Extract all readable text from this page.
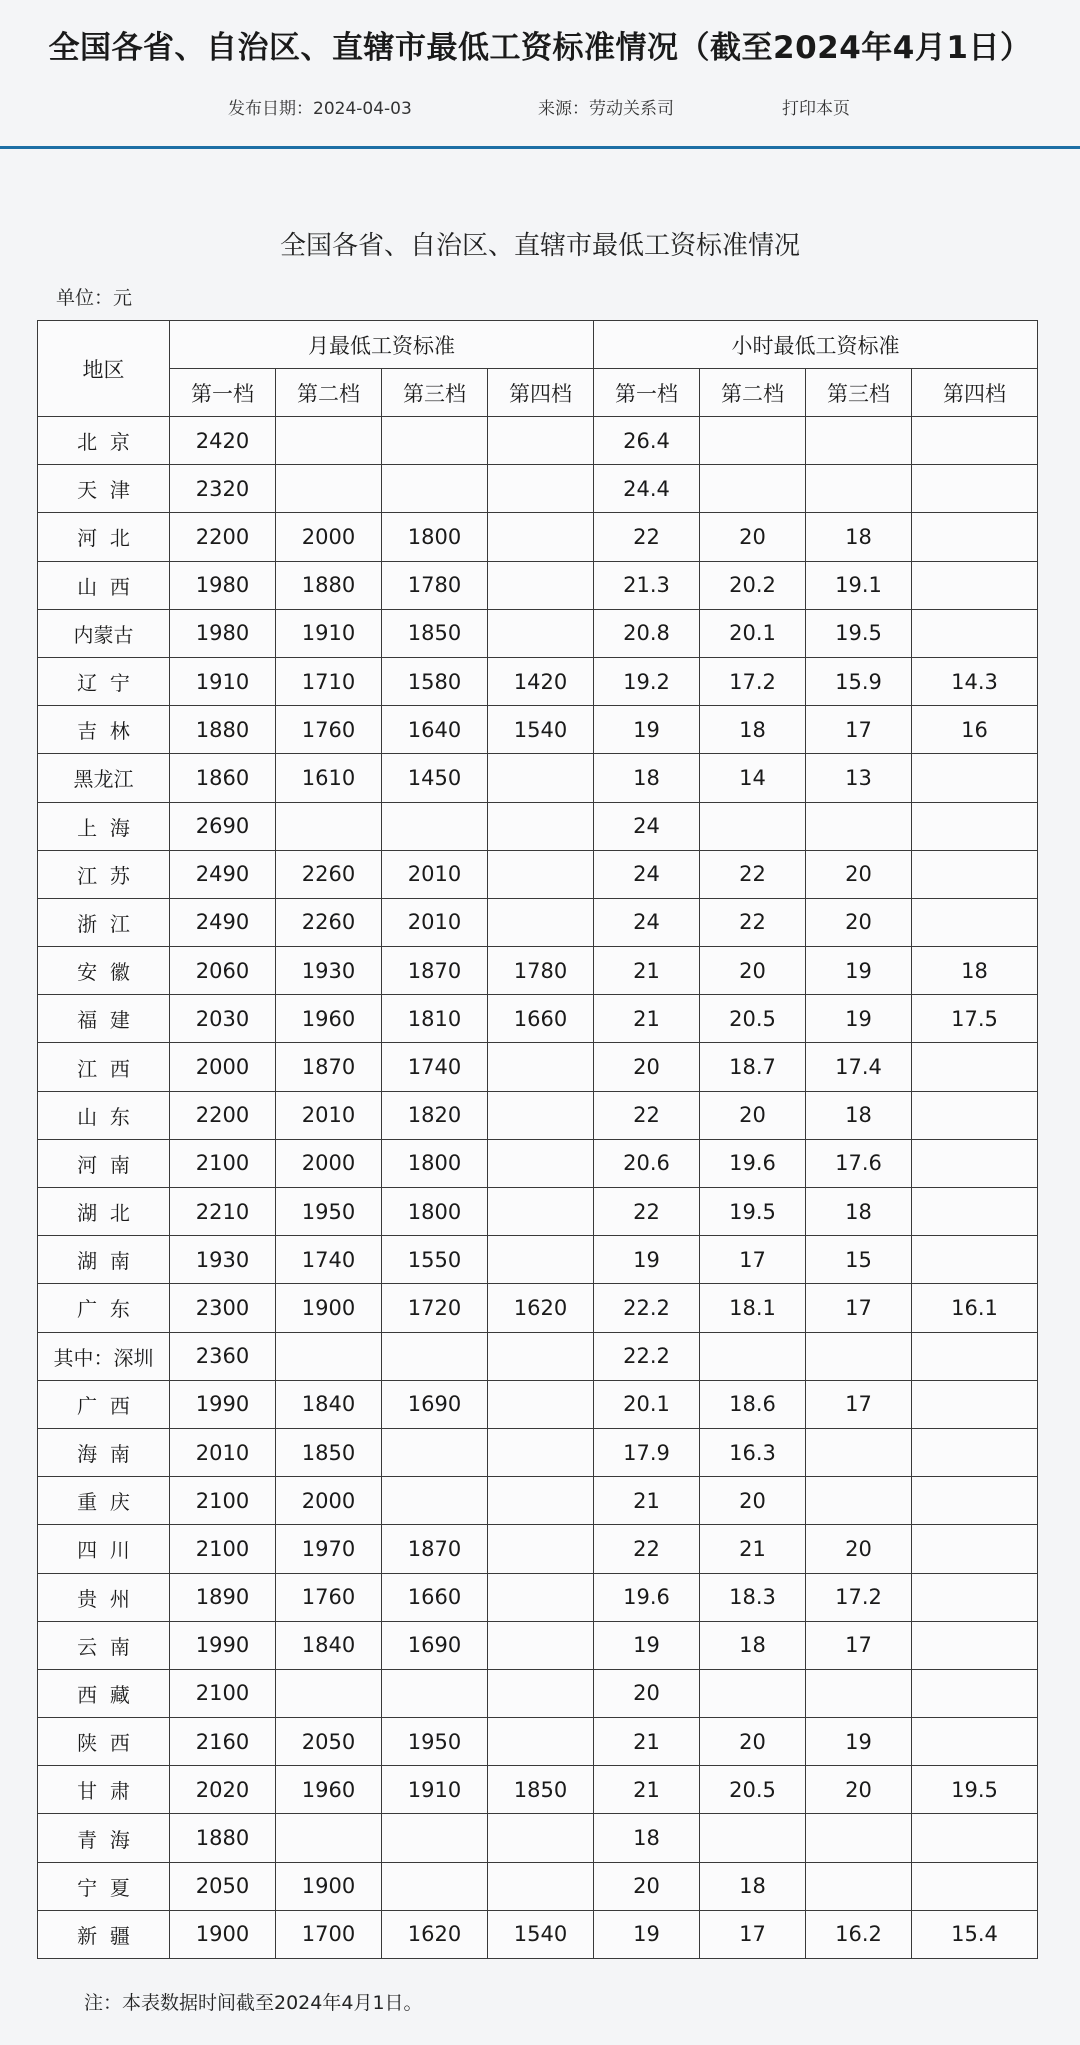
全国各省、自治区、直辖市最低工资标准情况（截至2024年4月1日）
发布日期：2024-04-03	来源：劳动关系司	打印本页
全国各省、自治区、直辖市最低工资标准情况
单位：元
地区	月最低工资标准				小时最低工资标准			
	第一档	第二档	第三档	第四档	第一档	第二档	第三档	第四档
北  京	2420				26.4			
天  津	2320				24.4			
河  北	2200	2000	1800		22	20	18	
山  西	1980	1880	1780		21.3	20.2	19.1	
内蒙古	1980	1910	1850		20.8	20.1	19.5	
辽  宁	1910	1710	1580	1420	19.2	17.2	15.9	14.3
吉  林	1880	1760	1640	1540	19	18	17	16
黑龙江	1860	1610	1450		18	14	13	
上  海	2690				24			
江  苏	2490	2260	2010		24	22	20	
浙  江	2490	2260	2010		24	22	20	
安  徽	2060	1930	1870	1780	21	20	19	18
福  建	2030	1960	1810	1660	21	20.5	19	17.5
江  西	2000	1870	1740		20	18.7	17.4	
山  东	2200	2010	1820		22	20	18	
河  南	2100	2000	1800		20.6	19.6	17.6	
湖  北	2210	1950	1800		22	19.5	18	
湖  南	1930	1740	1550		19	17	15	
广  东	2300	1900	1720	1620	22.2	18.1	17	16.1
其中：深圳	2360				22.2			
广  西	1990	1840	1690		20.1	18.6	17	
海  南	2010	1850			17.9	16.3		
重  庆	2100	2000			21	20		
四  川	2100	1970	1870		22	21	20	
贵  州	1890	1760	1660		19.6	18.3	17.2	
云  南	1990	1840	1690		19	18	17	
西  藏	2100				20			
陕  西	2160	2050	1950		21	20	19	
甘  肃	2020	1960	1910	1850	21	20.5	20	19.5
青  海	1880				18			
宁  夏	2050	1900			20	18		
新  疆	1900	1700	1620	1540	19	17	16.2	15.4
注：本表数据时间截至2024年4月1日。
